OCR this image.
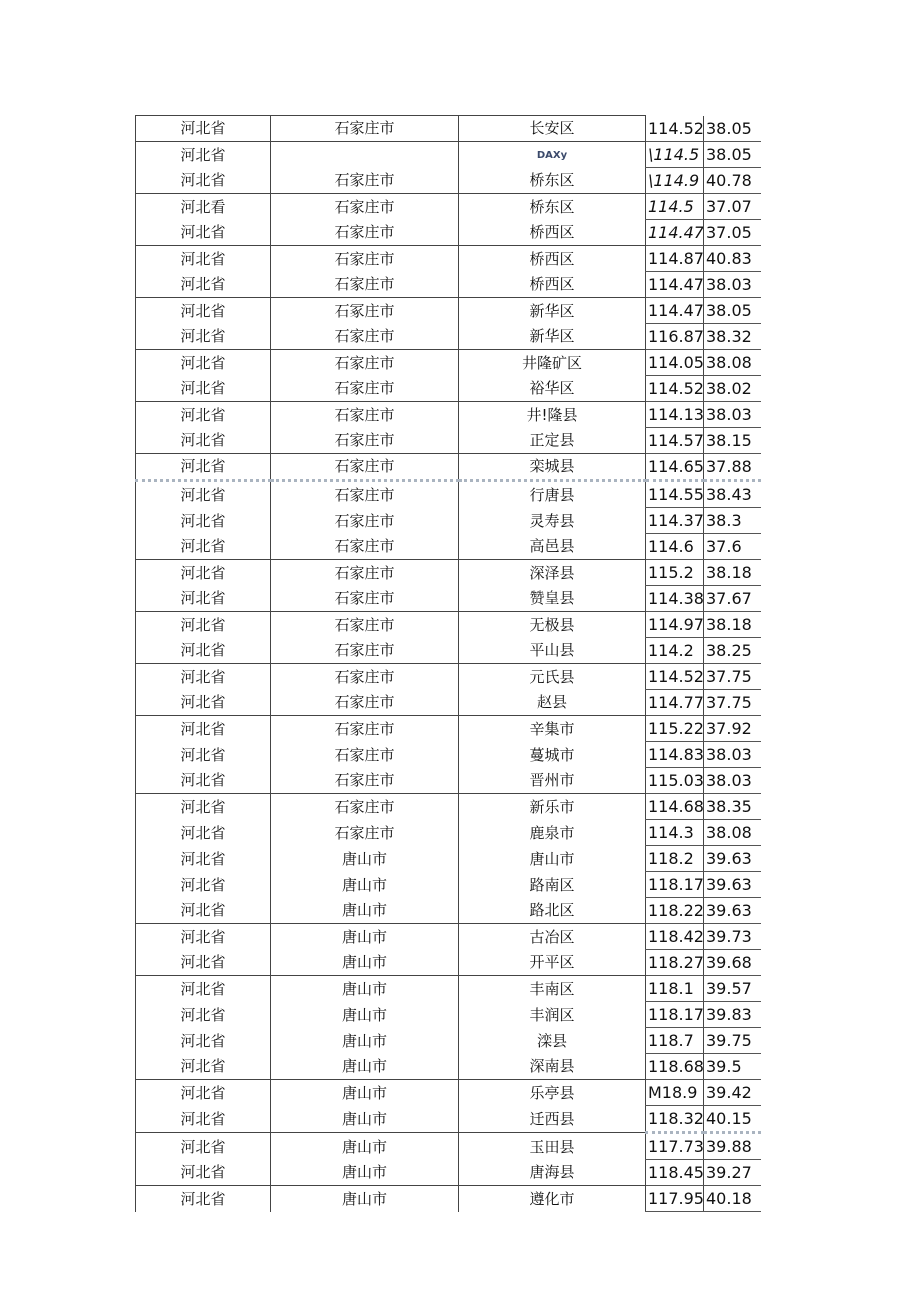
河北省	石家庄市	长安区	114.52	38.05
河北省		DAXy	\114.5	38.05
河北省	石家庄市	桥东区	\114.9	40.78
河北看	石家庄市	桥东区	114.5	37.07
河北省	石家庄市	桥西区	114.47	37.05
河北省	石家庄市	桥西区	114.87	40.83
河北省	石家庄市	桥西区	114.47	38.03
河北省	石冢庄市	新华区	114.47	38.05
河北省	石家庄市	新华区	116.87	38.32
河北省	石家庄市	井隆矿区	114.05	38.08
河北省	石家庄市	裕华区	114.52	38.02
河北省	石家庄市	井!隆县	114.13	38.03
河北省	石家庄市	正定县	114.57	38.15
河北省	石家庄市	栾城县	114.65	37.88
河北省	石家庄市	行唐县	114.55	38.43
河北省	石家庄市	灵寿县	114.37	38.3
河北省	石家庄市	高邑县	114.6	37.6
河北省	石家庄市	深泽县	115.2	38.18
河北省	石家庄市	赞皇县	114.38	37.67
河北省	石家庄市	无极县	114.97	38.18
河北省	石家庄市	平山县	114.2	38.25
河北省	石家庄市	元氏县	114.52	37.75
河北省	石家庄市	赵县	114.77	37.75
河北省	石家庄市	辛集市	115.22	37.92
河北省	石家庄市	蔓城市	114.83	38.03
河北省	石家庄市	晋州市	115.03	38.03
河北省	石家庄市	新乐市	114.68	38.35
河北省	石家庄市	鹿泉市	114.3	38.08
河北省	唐山市	唐山市	118.2	39.63
河北省	唐山市	路南区	118.17	39.63
河北省	唐山市	路北区	118.22	39.63
河北省	唐山市	古冶区	118.42	39.73
河北省	唐山市	开平区	118.27	39.68
河北省	唐山市	丰南区	118.1	39.57
河北省	唐山市	丰润区	118.17	39.83
河北省	唐山市	滦县	118.7	39.75
河北省	唐山市	深南县	118.68	39.5
河北省	唐山市	乐亭县	M18.9	39.42
河北省	唐山市	迁西县	118.32	40.15
河北省	唐山市	玉田县	117.73	39.88
河北省	唐山市	唐海县	118.45	39.27
河北省	唐山市	遵化市	117.95	40.18
